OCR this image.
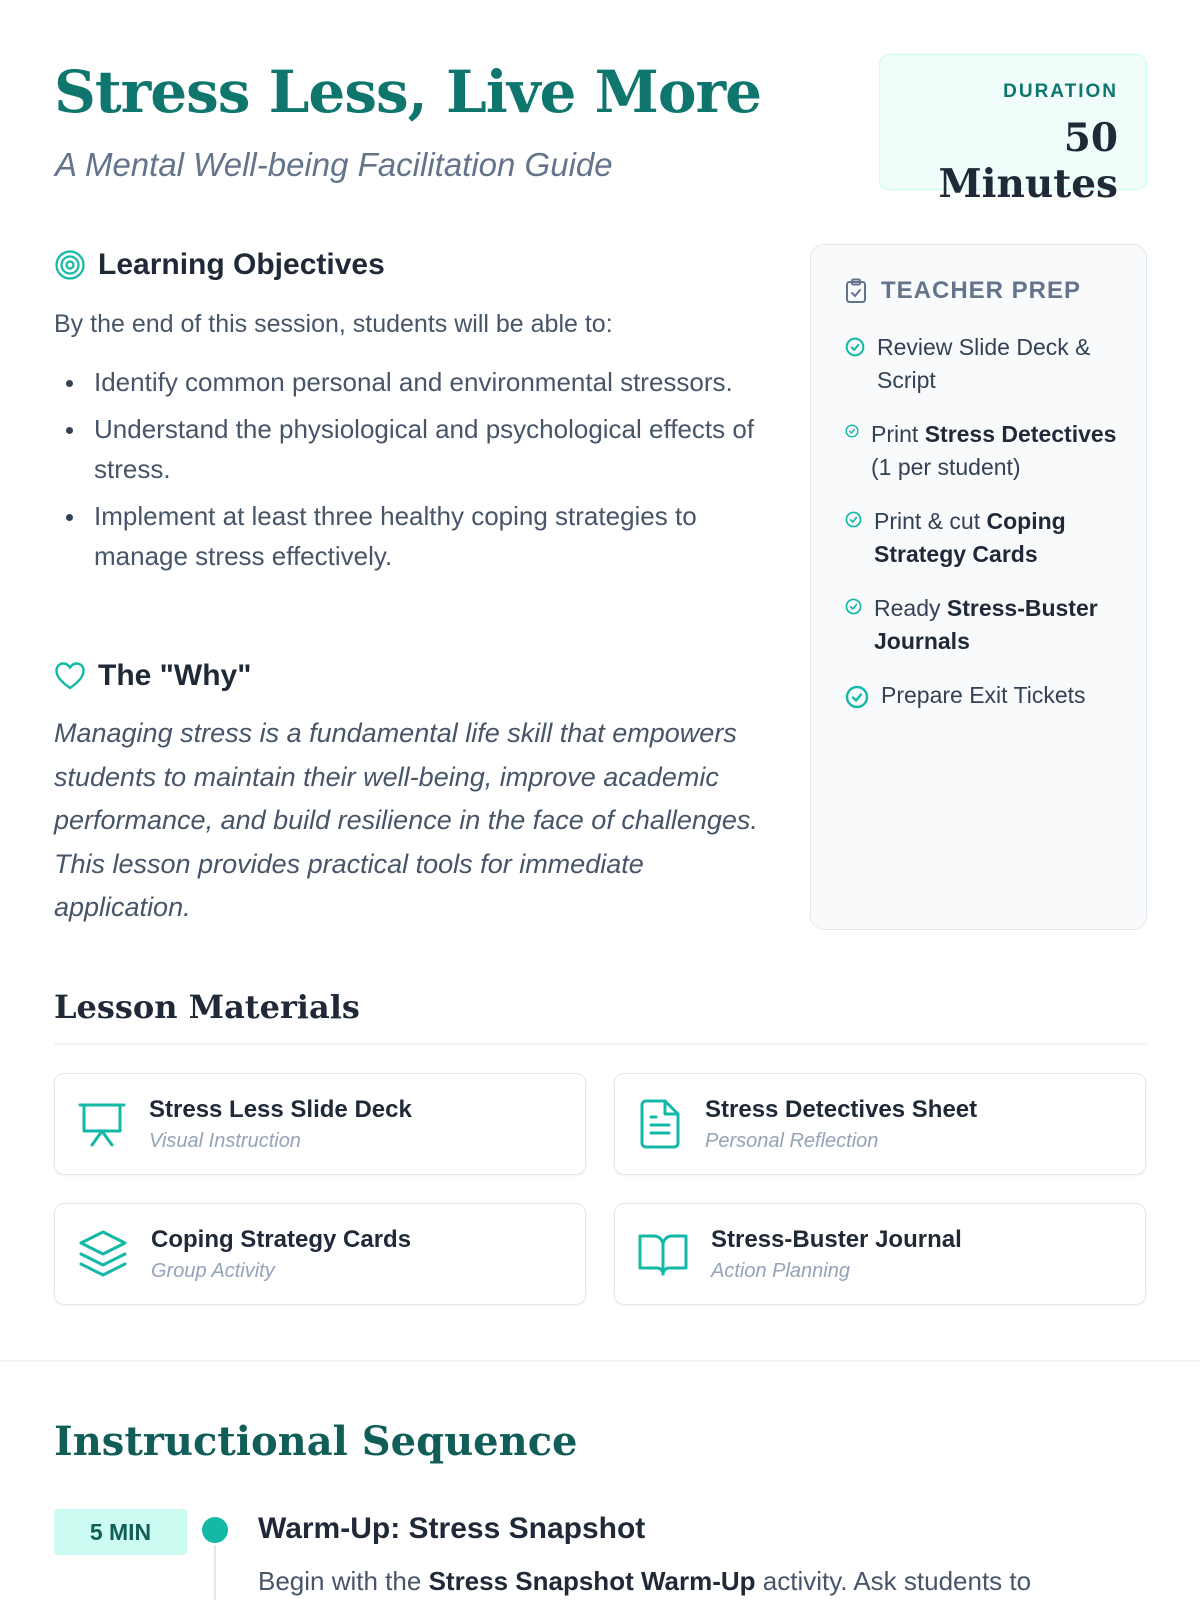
Stress Less, Live More
A Mental Well-being Facilitation Guide
DURATION
50 Minutes
Learning Objectives
By the end of this session, students will be able to:
Identify common personal and environmental stressors.
Understand the physiological and psychological effects of stress.
Implement at least three healthy coping strategies to manage stress effectively.
The "Why"

Managing stress is a fundamental life skill that empowers students to maintain their well-being, improve academic performance, and build resilience in the face of challenges. This lesson provides practical tools for immediate application.

TEACHER PREP
Review Slide Deck & Script
Print Stress Detectives (1 per student)
Print & cut Coping Strategy Cards
Ready Stress-Buster Journals
Prepare Exit Tickets
Lesson Materials
Stress Less Slide Deck
Visual Instruction
Stress Detectives Sheet
Personal Reflection
Coping Strategy Cards
Group Activity
Stress-Buster Journal
Action Planning
Instructional Sequence
5 MIN	Warm-Up: Stress Snapshot
Begin with the Stress Snapshot Warm-Up activity. Ask students to
